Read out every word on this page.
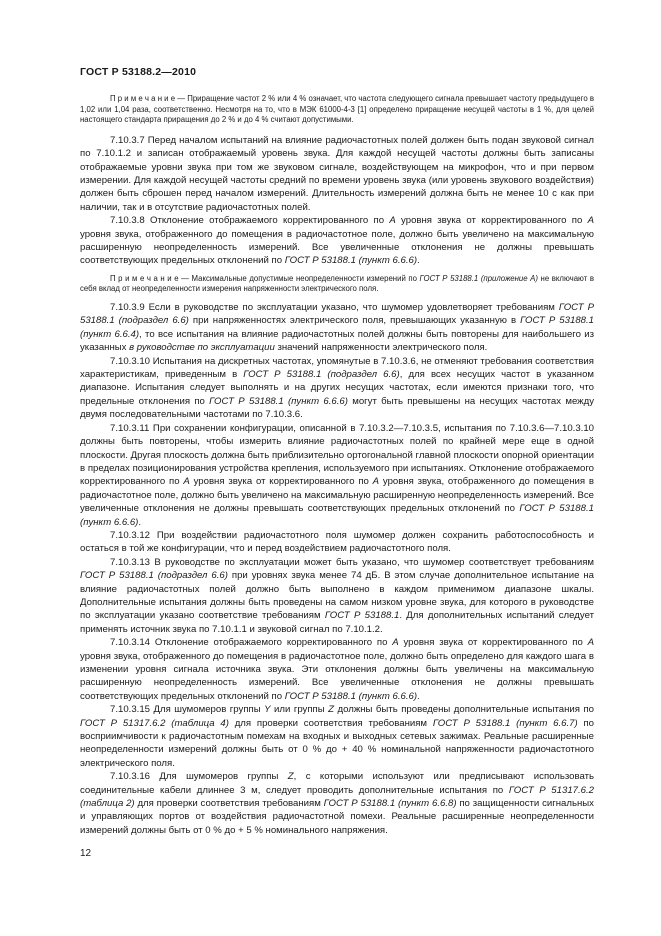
ГОСТ Р 53188.2—2010

П р и м е ч а н и е — Приращение частот 2 % или 4 % означает, что частота следующего сигнала превышает частоту предыдущего в 1,02 или 1,04 раза, соответственно. Несмотря на то, что в МЭК 61000-4-3 [1] определено приращение несущей частоты в 1 %, для целей настоящего стандарта приращения до 2 % и до 4 % считают допустимыми.

7.10.3.7 Перед началом испытаний на влияние радиочастотных полей должен быть подан звуковой сигнал по 7.10.1.2 и записан отображаемый уровень звука. Для каждой несущей частоты должны быть записаны отображаемые уровни звука при том же звуковом сигнале, воздействующем на микрофон, что и при первом измерении. Для каждой несущей частоты средний по времени уровень звука (или уровень звукового воздействия) должен быть сброшен перед началом измерений. Длительность измерений должна быть не менее 10 с как при наличии, так и в отсутствие радиочастотных полей.

7.10.3.8 Отклонение отображаемого корректированного по А уровня звука от корректированного по А уровня звука, отображенного до помещения в радиочастотное поле, должно быть увеличено на максимальную расширенную неопределенность измерений. Все увеличенные отклонения не должны превышать соответствующих предельных отклонений по ГОСТ Р 53188.1 (пункт 6.6.6).

П р и м е ч а н и е — Максимальные допустимые неопределенности измерений по ГОСТ Р 53188.1 (приложение А) не включают в себя вклад от неопределенности измерения напряженности электрического поля.

7.10.3.9 Если в руководстве по эксплуатации указано, что шумомер удовлетворяет требованиям ГОСТ Р 53188.1 (подраздел 6.6) при напряженностях электрического поля, превышающих указанную в ГОСТ Р 53188.1 (пункт 6.6.4), то все испытания на влияние радиочастотных полей должны быть повторены для наибольшего из указанных в руководстве по эксплуатации значений напряженности электрического поля.

7.10.3.10 Испытания на дискретных частотах, упомянутые в 7.10.3.6, не отменяют требования соответствия характеристикам, приведенным в ГОСТ Р 53188.1 (подраздел 6.6), для всех несущих частот в указанном диапазоне. Испытания следует выполнять и на других несущих частотах, если имеются признаки того, что предельные отклонения по ГОСТ Р 53188.1 (пункт 6.6.6) могут быть превышены на несущих частотах между двумя последовательными частотами по 7.10.3.6.

7.10.3.11 При сохранении конфигурации, описанной в 7.10.3.2—7.10.3.5, испытания по 7.10.3.6—7.10.3.10 должны быть повторены, чтобы измерить влияние радиочастотных полей по крайней мере еще в одной плоскости. Другая плоскость должна быть приблизительно ортогональной главной плоскости опорной ориентации в пределах позиционирования устройства крепления, используемого при испытаниях. Отклонение отображаемого корректированного по А уровня звука от корректированного по А уровня звука, отображенного до помещения в радиочастотное поле, должно быть увеличено на максимальную расширенную неопределенность измерений. Все увеличенные отклонения не должны превышать соответствующих предельных отклонений по ГОСТ Р 53188.1 (пункт 6.6.6).

7.10.3.12 При воздействии радиочастотного поля шумомер должен сохранить работоспособность и остаться в той же конфигурации, что и перед воздействием радиочастотного поля.

7.10.3.13 В руководстве по эксплуатации может быть указано, что шумомер соответствует требованиям ГОСТ Р 53188.1 (подраздел 6.6) при уровнях звука менее 74 дБ. В этом случае дополнительное испытание на влияние радиочастотных полей должно быть выполнено в каждом применимом диапазоне шкалы. Дополнительные испытания должны быть проведены на самом низком уровне звука, для которого в руководстве по эксплуатации указано соответствие требованиям ГОСТ Р 53188.1. Для дополнительных испытаний следует применять источник звука по 7.10.1.1 и звуковой сигнал по 7.10.1.2.

7.10.3.14 Отклонение отображаемого корректированного по А уровня звука от корректированного по А уровня звука, отображенного до помещения в радиочастотное поле, должно быть определено для каждого шага в изменении уровня сигнала источника звука. Эти отклонения должны быть увеличены на максимальную расширенную неопределенность измерений. Все увеличенные отклонения не должны превышать соответствующих предельных отклонений по ГОСТ Р 53188.1 (пункт 6.6.6).

7.10.3.15 Для шумомеров группы Y или группы Z должны быть проведены дополнительные испытания по ГОСТ Р 51317.6.2 (таблица 4) для проверки соответствия требованиям ГОСТ Р 53188.1 (пункт 6.6.7) по восприимчивости к радиочастотным помехам на входных и выходных сетевых зажимах. Реальные расширенные неопределенности измерений должны быть от 0 % до + 40 % номинальной напряженности радиочастотного электрического поля.

7.10.3.16 Для шумомеров группы Z, с которыми используют или предписывают использовать соединительные кабели длиннее 3 м, следует проводить дополнительные испытания по ГОСТ Р 51317.6.2 (таблица 2) для проверки соответствия требованиям ГОСТ Р 53188.1 (пункт 6.6.8) по защищенности сигнальных и управляющих портов от воздействия радиочастотной помехи. Реальные расширенные неопределенности измерений должны быть от 0 % до + 5 % номинального напряжения.

12
